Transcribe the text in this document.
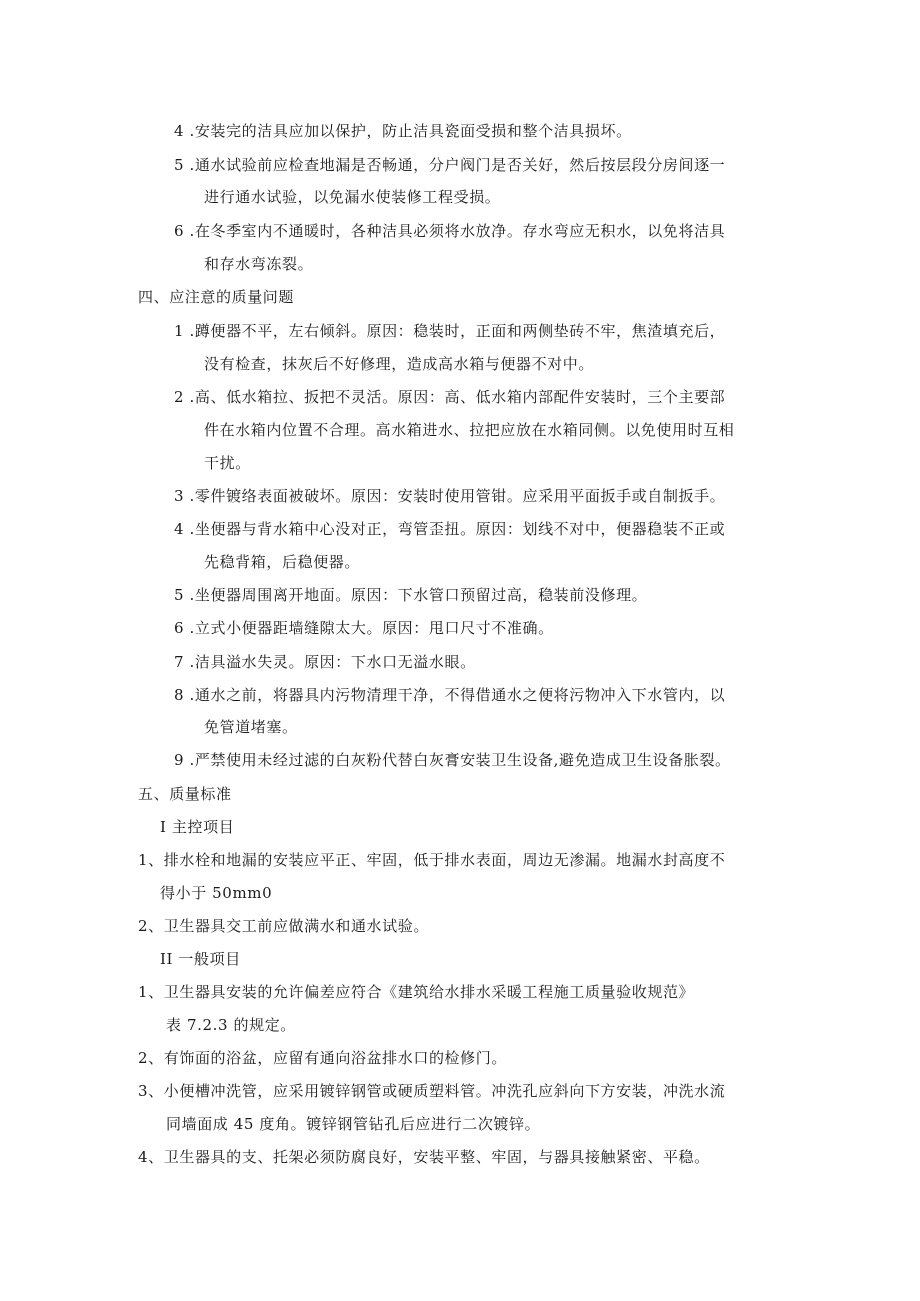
4 .安装完的洁具应加以保护，防止洁具瓷面受损和整个洁具损坏。
5 .通水试验前应检查地漏是否畅通，分户阀门是否关好，然后按层段分房间逐一
进行通水试验，以免漏水使装修工程受损。
6 .在冬季室内不通暖时，各种洁具必须将水放净。存水弯应无积水，以免将洁具
和存水弯冻裂。
四、应注意的质量问题
1 .蹲便器不平，左右倾斜。原因：稳装时，正面和两侧垫砖不牢，焦渣填充后，
没有检查，抹灰后不好修理，造成高水箱与便器不对中。
2 .高、低水箱拉、扳把不灵活。原因：高、低水箱内部配件安装时，三个主要部
件在水箱内位置不合理。高水箱进水、拉把应放在水箱同侧。以免使用时互相
干扰。
3 .零件镀络表面被破坏。原因：安装时使用管钳。应采用平面扳手或自制扳手。
4 .坐便器与背水箱中心没对正，弯管歪扭。原因：划线不对中，便器稳装不正或
先稳背箱，后稳便器。
5 .坐便器周围离开地面。原因：下水管口预留过高，稳装前没修理。
6 .立式小便器距墙缝隙太大。原因：甩口尺寸不准确。
7 .洁具溢水失灵。原因：下水口无溢水眼。
8 .通水之前，将器具内污物清理干净，不得借通水之便将污物冲入下水管内，以
免管道堵塞。
9 .严禁使用未经过滤的白灰粉代替白灰膏安装卫生设备,避免造成卫生设备胀裂。
五、质量标准
I 主控项目
1、排水栓和地漏的安装应平正、牢固，低于排水表面，周边无渗漏。地漏水封高度不
得小于 50mm0
2、卫生器具交工前应做满水和通水试验。
II 一般项目
1、卫生器具安装的允许偏差应符合《建筑给水排水采暖工程施工质量验收规范》
表 7.2.3 的规定。
2、有饰面的浴盆，应留有通向浴盆排水口的检修门。
3、小便槽冲洗管，应采用镀锌钢管或硬质塑料管。冲洗孔应斜向下方安装，冲洗水流
同墙面成 45 度角。镀锌钢管钻孔后应进行二次镀锌。
4、卫生器具的支、托架必须防腐良好，安装平整、牢固，与器具接触紧密、平稳。
